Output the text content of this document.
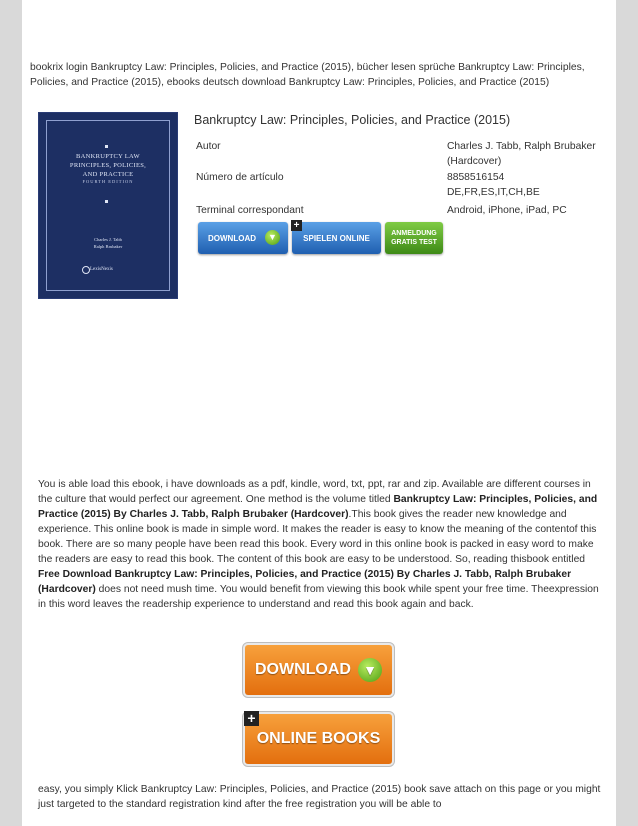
bookrix login Bankruptcy Law: Principles, Policies, and Practice (2015), bücher lesen sprüche Bankruptcy Law: Principles, Policies, and Practice (2015), ebooks deutsch download Bankruptcy Law: Principles, Policies, and Practice (2015)
BANKRUPTCY LAW
PRINCIPLES, POLICIES,
AND PRACTICE
FOURTH EDITION
Charles J. Tabb
Ralph Brubaker
LexisNexis
Bankruptcy Law: Principles, Policies, and Practice (2015)
Autor	Charles J. Tabb, Ralph Brubaker (Hardcover)
Número de artículo	8858516154
DE,FR,ES,IT,CH,BE
Terminal correspondant	Android, iPhone, iPad, PC
DOWNLOAD	▼
+
SPIELEN ONLINE	ANMELDUNG
GRATIS TEST
You is able load this ebook, i have downloads as a pdf, kindle, word, txt, ppt, rar and zip. Available are different courses in the culture that would perfect our agreement. One method is the volume titled Bankruptcy Law: Principles, Policies, and Practice (2015) By Charles J. Tabb, Ralph Brubaker (Hardcover).This book gives the reader new knowledge and experience. This online book is made in simple word. It makes the reader is easy to know the meaning of the contentof this book. There are so many people have been read this book. Every word in this online book is packed in easy word to make the readers are easy to read this book. The content of this book are easy to be understood. So, reading thisbook entitled Free Download Bankruptcy Law: Principles, Policies, and Practice (2015) By Charles J. Tabb, Ralph Brubaker (Hardcover) does not need mush time. You would benefit from viewing this book while spent your free time. Theexpression in this word leaves the readership experience to understand and read this book again and back.
DOWNLOAD ▼
+
ONLINE BOOKS
easy, you simply Klick Bankruptcy Law: Principles, Policies, and Practice (2015) book save attach on this page or you might just targeted to the standard registration kind after the free registration you will be able to
